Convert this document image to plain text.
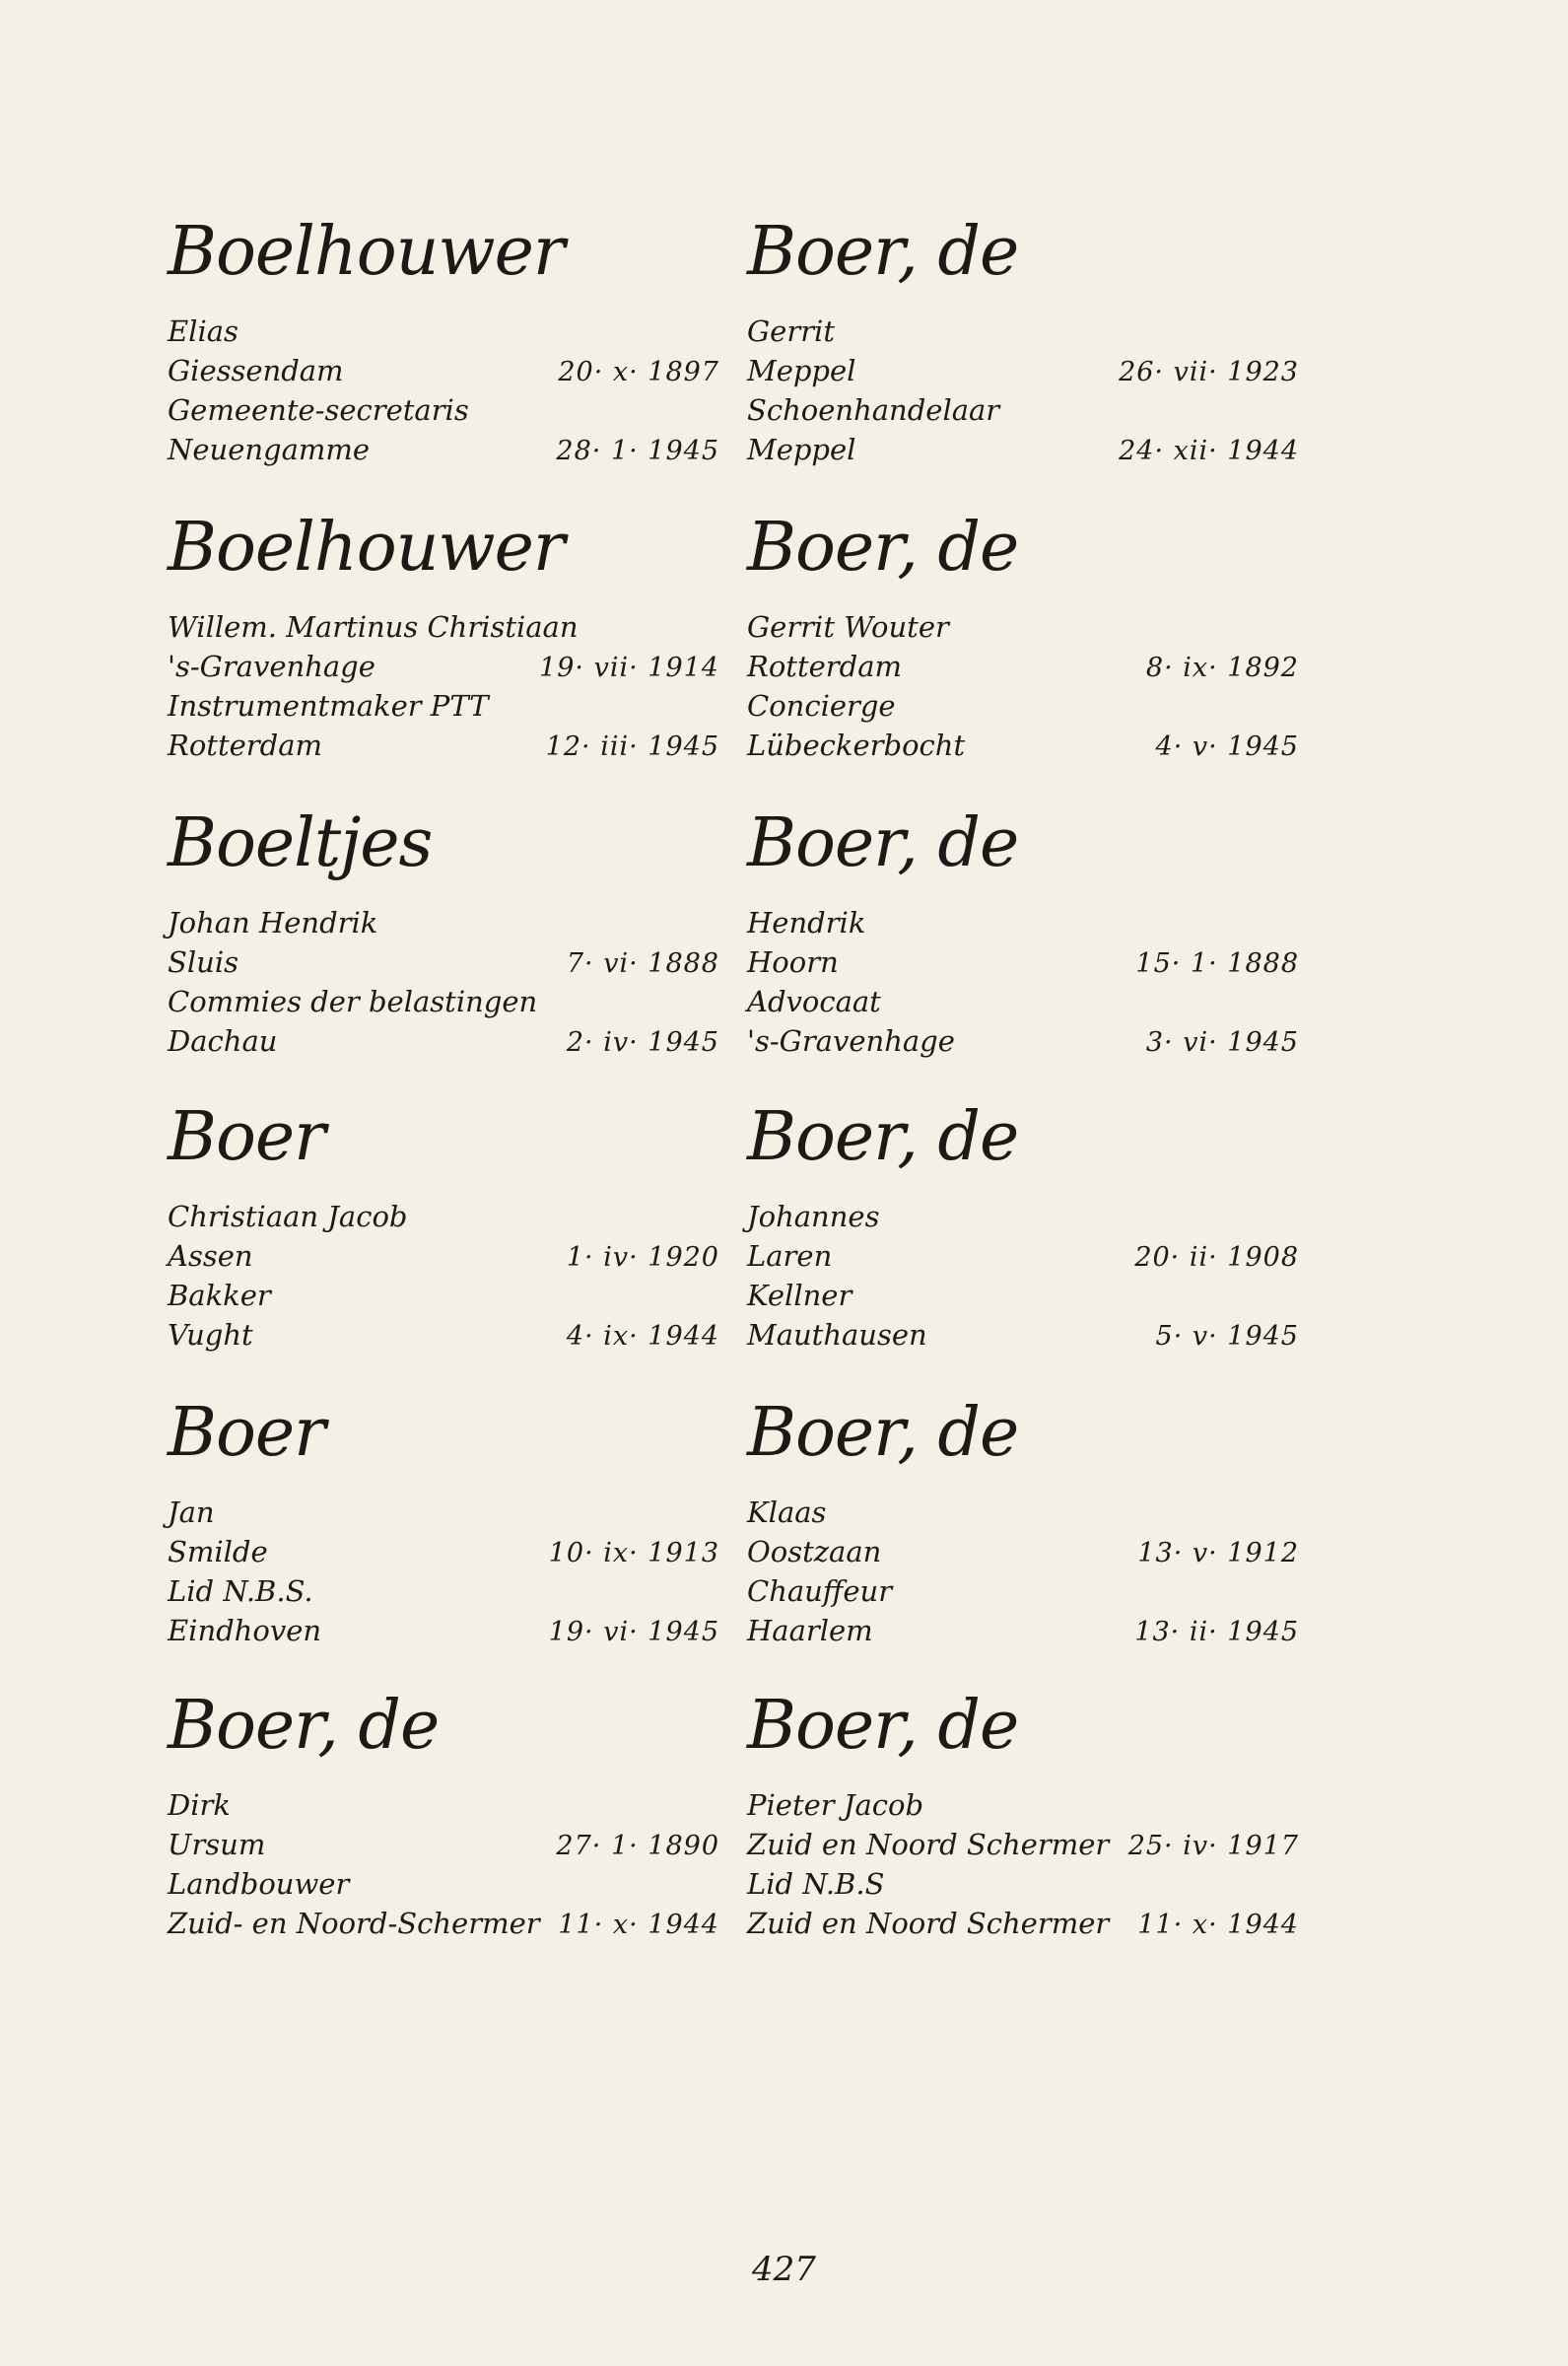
Boelhouwer
Elias
Giessendam	20· x· 1897
Gemeente-secretaris
Neuengamme	28· 1· 1945
Boer, de
Gerrit
Meppel	26· vii· 1923
Schoenhandelaar
Meppel	24· xii· 1944
Boelhouwer
Willem. Martinus Christiaan
's-Gravenhage	19· vii· 1914
Instrumentmaker PTT
Rotterdam	12· iii· 1945
Boer, de
Gerrit Wouter
Rotterdam	8· ix· 1892
Concierge
Lübeckerbocht	4· v· 1945
Boeltjes
Johan Hendrik
Sluis	7· vi· 1888
Commies der belastingen
Dachau	2· iv· 1945
Boer, de
Hendrik
Hoorn	15· 1· 1888
Advocaat
's-Gravenhage	3· vi· 1945
Boer
Christiaan Jacob
Assen	1· iv· 1920
Bakker
Vught	4· ix· 1944
Boer, de
Johannes
Laren	20· ii· 1908
Kellner
Mauthausen	5· v· 1945
Boer
Jan
Smilde	10· ix· 1913
Lid N.B.S.
Eindhoven	19· vi· 1945
Boer, de
Klaas
Oostzaan	13· v· 1912
Chauffeur
Haarlem	13· ii· 1945
Boer, de
Dirk
Ursum	27· 1· 1890
Landbouwer
Zuid- en Noord-Schermer 11· x· 1944
Boer, de
Pieter Jacob
Zuid en Noord Schermer 25· iv· 1917
Lid N.B.S
Zuid en Noord Schermer 11· x· 1944
427
